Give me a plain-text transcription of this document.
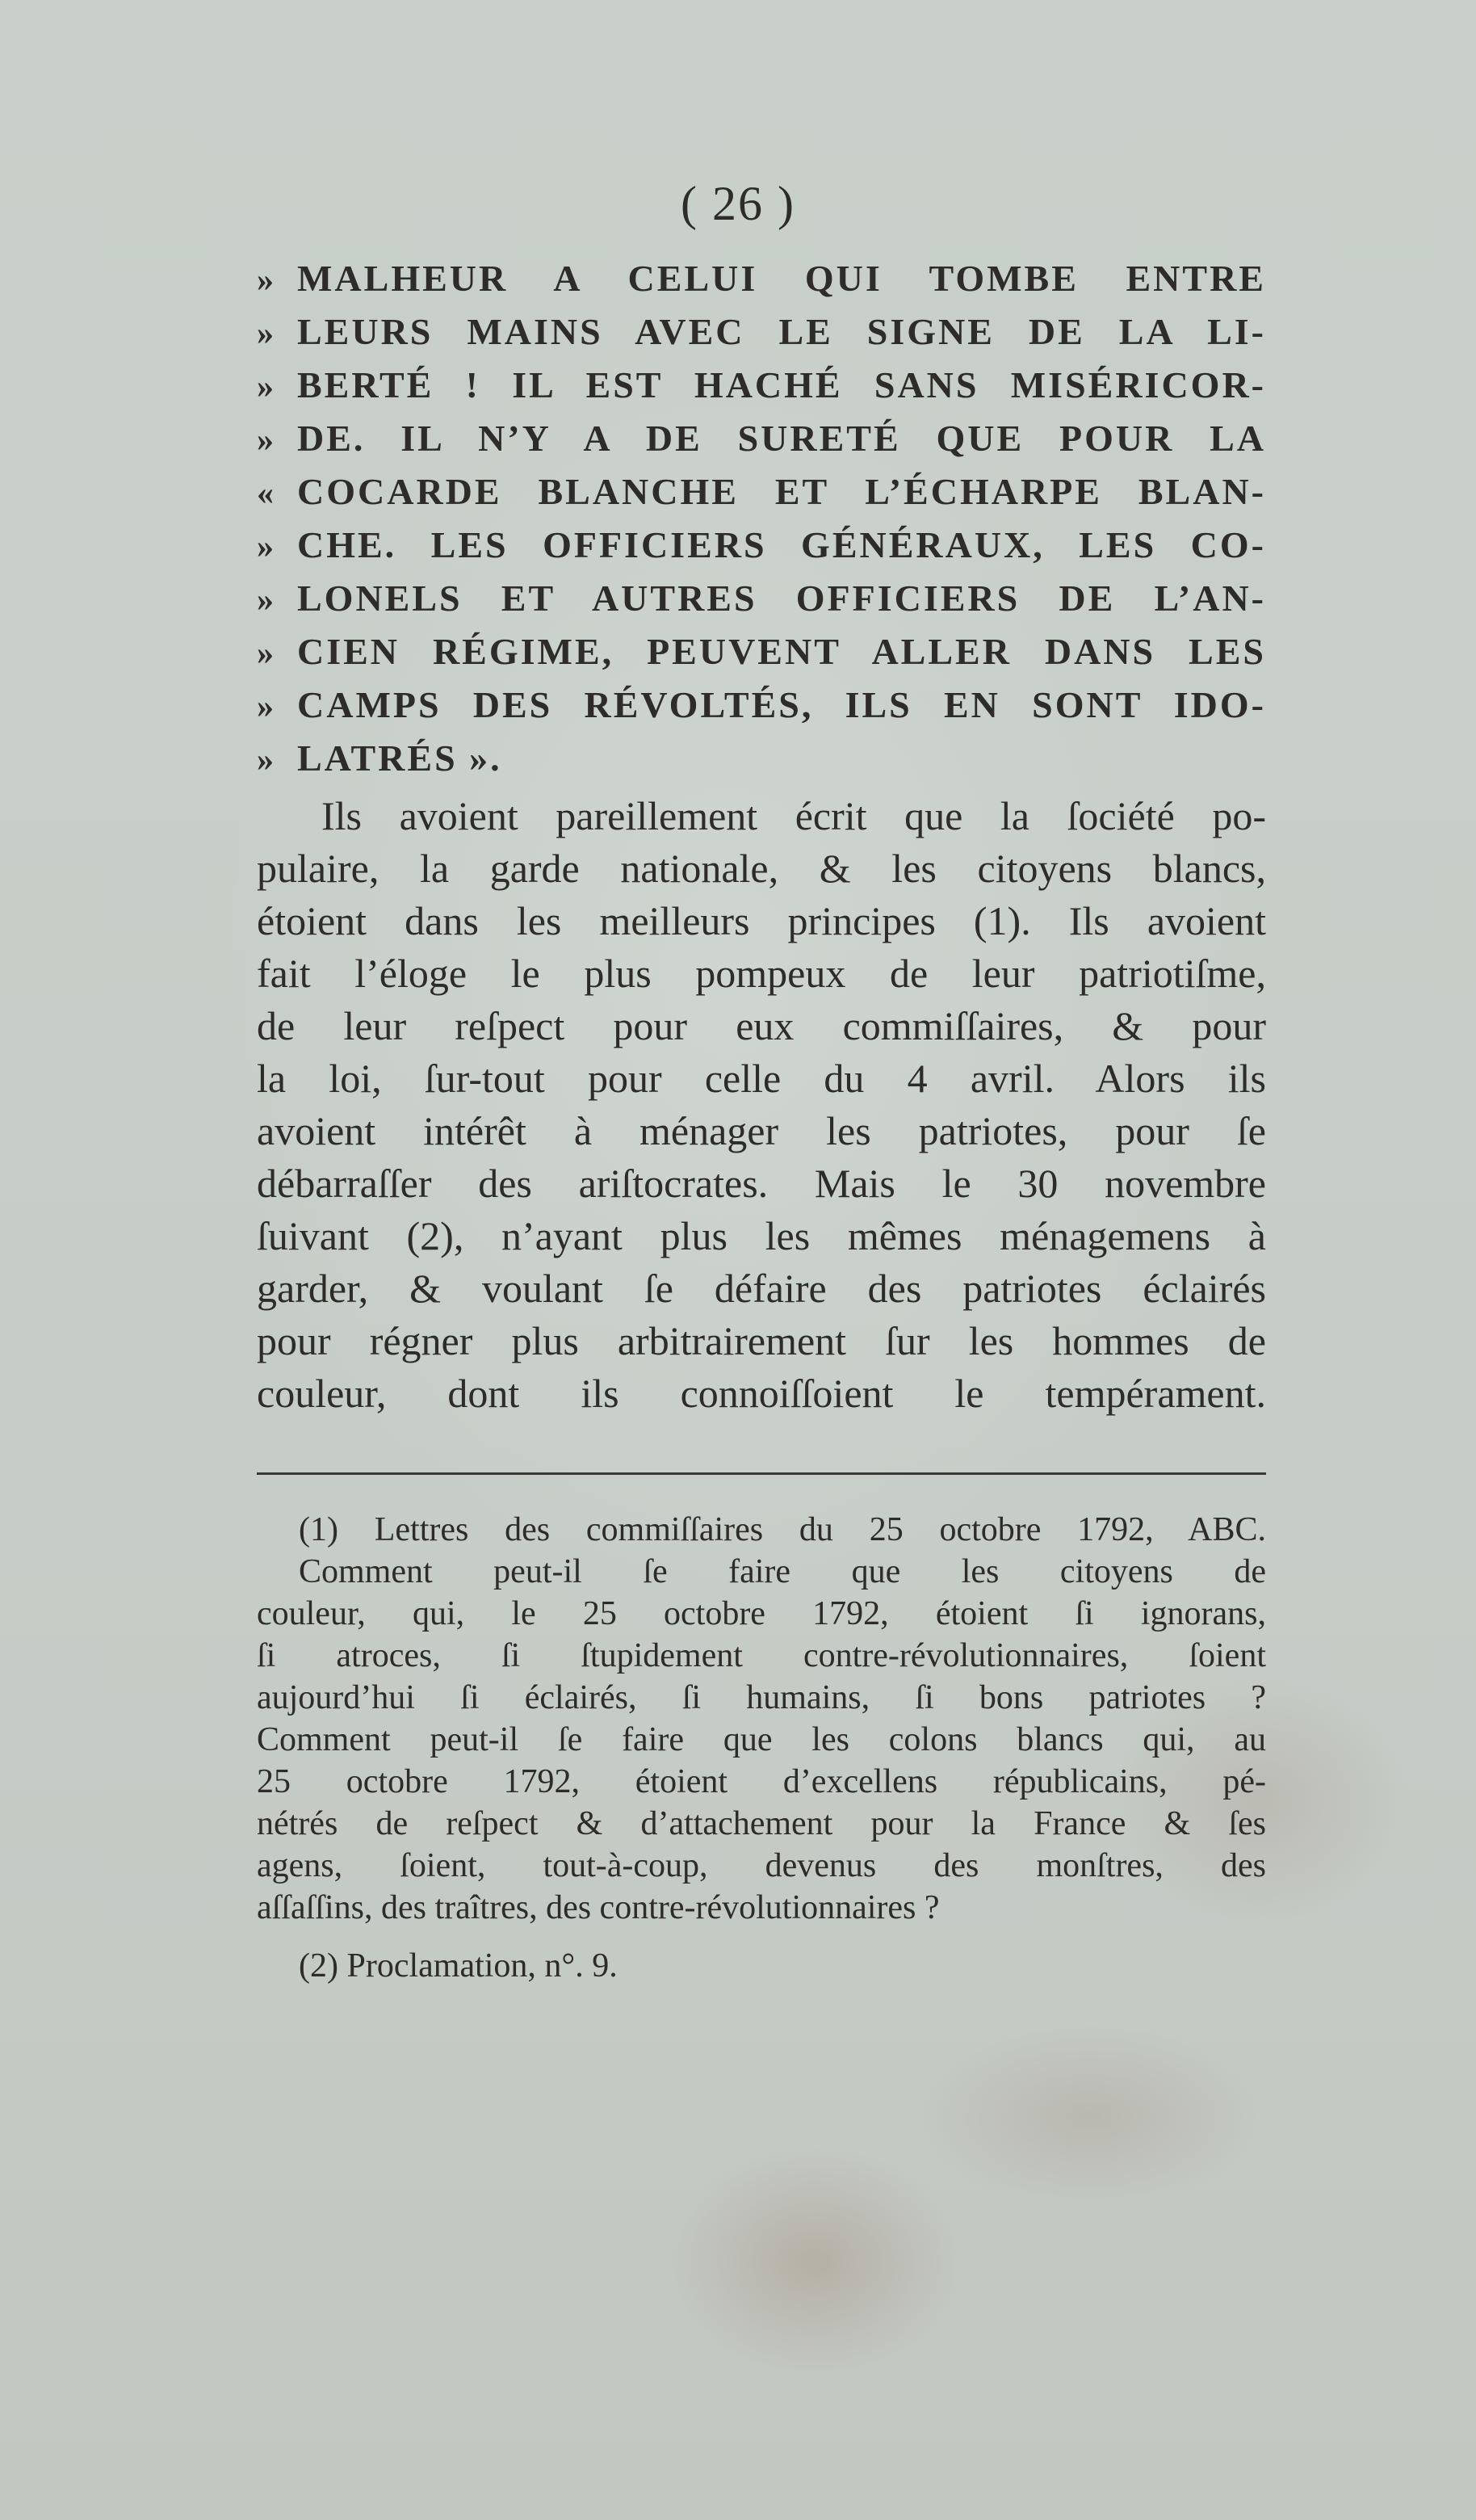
( 26 )
» MALHEUR A CELUI QUI TOMBE ENTRE
» LEURS MAINS AVEC LE SIGNE DE LA LI-
» BERTÉ ! IL EST HACHÉ SANS MISÉRICOR-
» DE. IL N’Y A DE SURETÉ QUE POUR LA
« COCARDE BLANCHE ET L’ÉCHARPE BLAN-
» CHE. LES OFFICIERS GÉNÉRAUX, LES CO-
» LONELS ET AUTRES OFFICIERS DE L’AN-
» CIEN RÉGIME, PEUVENT ALLER DANS LES
» CAMPS DES RÉVOLTÉS, ILS EN SONT IDO-
» LATRÉS ».
Ils avoient pareillement écrit que la ſociété po-
pulaire, la garde nationale, & les citoyens blancs,
étoient dans les meilleurs principes (1). Ils avoient
fait l’éloge le plus pompeux de leur patriotiſme,
de leur reſpect pour eux commiſſaires, & pour
la loi, ſur-tout pour celle du 4 avril. Alors ils
avoient intérêt à ménager les patriotes, pour ſe
débarraſſer des ariſtocrates. Mais le 30 novembre
ſuivant (2), n’ayant plus les mêmes ménagemens à
garder, & voulant ſe défaire des patriotes éclairés
pour régner plus arbitrairement ſur les hommes de
couleur, dont ils connoiſſoient le tempérament.
(1) Lettres des commiſſaires du 25 octobre 1792, ABC.
Comment peut-il ſe faire que les citoyens de
couleur, qui, le 25 octobre 1792, étoient ſi ignorans,
ſi atroces, ſi ſtupidement contre-révolutionnaires, ſoient
aujourd’hui ſi éclairés, ſi humains, ſi bons patriotes ?
Comment peut-il ſe faire que les colons blancs qui, au
25 octobre 1792, étoient d’excellens républicains, pé-
nétrés de reſpect & d’attachement pour la France & ſes
agens, ſoient, tout-à-coup, devenus des monſtres, des
aſſaſſins, des traîtres, des contre-révolutionnaires ?
(2) Proclamation, n°. 9.
